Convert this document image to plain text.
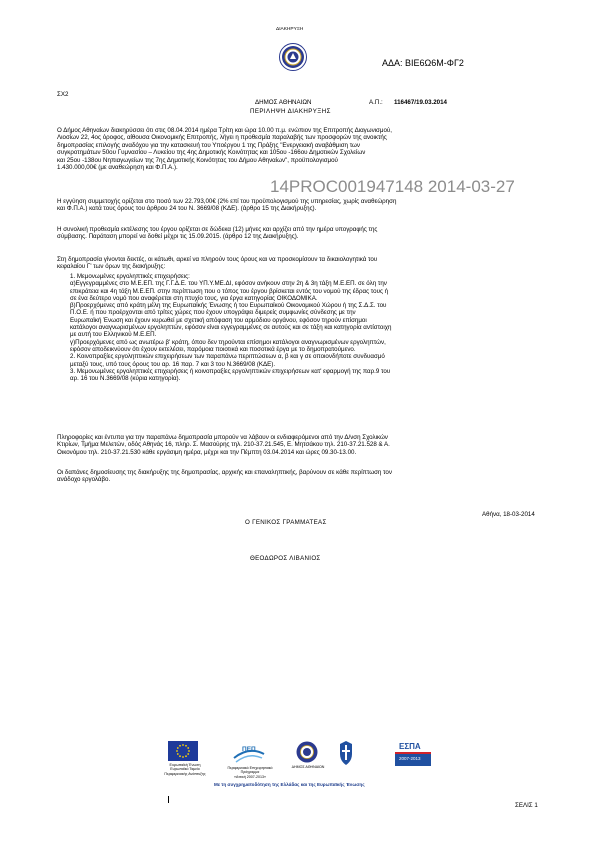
ΔΙΑΚΗΡΥΞΗ
ΑΔΑ: ΒΙΕ6Ω6Μ-ΦΓ2
ΣΧ2
ΔΗΜΟΣ ΑΘΗΝΑΙΩΝ	Α.Π.: 116467/19.03.2014
ΠΕΡΙΛΗΨΗ ΔΙΑΚΗΡΥΞΗΣ
Ο Δήμος Αθηναίων διακηρύσσει ότι στις 08.04.2014 ημέρα Τρίτη και ώρα 10.00 π.μ. ενώπιον της Επιτροπής Διαγωνισμού,
Λιοσίων 22, 4ος όροφος, αίθουσα Οικονομικής Επιτροπής, λήγει η προθεσμία παραλαβής των προσφορών της ανοικτής
δημοπρασίας επιλογής αναδόχου για την κατασκευή του Υποέργου 1 της Πράξης "Ενεργειακή αναβάθμιση των
συγκροτημάτων 50ου Γυμνασίου – Λυκείου της 4ης Δημοτικής Κοινότητας και 105ου -166ου Δημοτικών Σχολείων
και 25ου -138ου Νηπιαγωγείων της 7ης Δημοτικής Κοινότητας του Δήμου Αθηναίων", προϋπολογισμού
1.430.000,00€ (με αναθεώρηση και Φ.Π.Α.).
14PROC001947148 2014-03-27
Η εγγύηση συμμετοχής ορίζεται στο ποσό των 22.793,00€ (2% επί του προϋπολογισμού της υπηρεσίας, χωρίς αναθεώρηση
και Φ.Π.Α.) κατά τους όρους του άρθρου 24 του Ν. 3669/08 (ΚΔΕ). (άρθρο 15 της Διακήρυξης).
Η συνολική προθεσμία εκτέλεσης του έργου ορίζεται σε δώδεκα (12) μήνες και αρχίζει από την ημέρα υπογραφής της
σύμβασης. Παράταση μπορεί να δοθεί μέχρι τις 15.09.2015. (άρθρο 12 της Διακήρυξης).
Στη δημοπρασία γίνονται δεκτές, οι κάτωθι, αρκεί να πληρούν τους όρους και να προσκομίσουν τα δικαιολογητικά του
κεφαλαίου Γ' των όρων της διακήρυξης:
1. Μεμονωμένες εργοληπτικές επιχειρήσεις:
α)Εγγεγραμμένες στο Μ.Ε.ΕΠ. της Γ.Γ.Δ.Ε. του ΥΠ.Υ.ΜΕ.ΔΙ, εφόσον ανήκουν στην 2η & 3η τάξη Μ.Ε.ΕΠ. σε όλη την
επικράτεια και 4η τάξη Μ.Ε.ΕΠ. στην περίπτωση που ο τόπος του έργου βρίσκεται εντός του νομού της έδρας τους ή
σε ένα δεύτερο νομό που αναφέρεται στη πτυχίο τους, για έργα κατηγορίας ΟΙΚΟΔΟΜΙΚΑ.
β)Προερχόμενες από κράτη μέλη της Ευρωπαϊκής Ένωσης ή του Ευρωπαϊκού Οικονομικού Χώρου ή της Σ.Δ.Σ. του
Π.Ο.Ε. ή που προέρχονται από τρίτες χώρες που έχουν υπογράψει διμερείς συμφωνίες σύνδεσης με την
Ευρωπαϊκή Ένωση και έχουν κυρωθεί με σχετική απόφαση του αρμόδιου οργάνου, εφόσον τηρούν επίσημοι
κατάλογοι αναγνωρισμένων εργοληπτών, εφόσον είναι εγγεγραμμένες σε αυτούς και σε τάξη και κατηγορία αντίστοιχη
με αυτή του Ελληνικού Μ.Ε.ΕΠ.
γ)Προερχόμενες από ως ανωτέρω β' κράτη, όπου δεν τηρούνται επίσημοι κατάλογοι αναγνωρισμένων εργοληπτών,
εφόσον αποδεικνύουν ότι έχουν εκτελέσει, παρόμοια ποιοτικά και ποσοτικά έργα με το δημοπρατούμενο.
2. Κοινοπραξίες εργοληπτικών επιχειρήσεων των παραπάνω περιπτώσεων α, β και γ σε οποιονδήποτε συνδυασμό
μεταξύ τους, υπό τους όρους του αρ. 16 παρ. 7 και 3 του Ν.3669/08 (ΚΔΕ).
3. Μεμονωμένες εργοληπτικές επιχειρήσεις ή κοινοπραξίες εργοληπτικών επιχειρήσεων κατ' εφαρμογή της παρ.9 του
αρ. 16 του Ν.3669/08 (κύρια κατηγορία).
Πληροφορίες και έντυπα για την παραπάνω δημοπρασία μπορούν να λάβουν οι ενδιαφερόμενοι από την Δ/νση Σχολικών
Κτιρίων, Τμήμα Μελετών, οδός Αθηνάς 16, πληρ. Σ. Μασούρης τηλ. 210-37.21.545, Ε. Μητσάκου τηλ. 210-37.21.528 & Α.
Οικονόμου τηλ. 210-37.21.530 κάθε εργάσιμη ημέρα, μέχρι και την Πέμπτη 03.04.2014 και ώρες 09.30-13.00.
Οι δαπάνες δημοσίευσης της διακήρυξης της δημοπρασίας, αρχικής και επαναληπτικής, βαρύνουν σε κάθε περίπτωση τον
ανάδοχο εργολάβο.
Αθήνα, 18-03-2014
Ο ΓΕΝΙΚΟΣ ΓΡΑΜΜΑΤΕΑΣ
ΘΕΟΔΩΡΟΣ ΛΙΒΑΝΙΟΣ
Ευρωπαϊκή Ένωση
Ευρωπαϊκό Ταμείο
Περιφερειακής Ανάπτυξης
ΠΕΠ
Περιφερειακό Επιχειρησιακό Πρόγραμμα
«Αττική 2007-2013»
ΔΗΜΟΣ ΑΘΗΝΑΙΩΝ
ΕΣΠΑ
2007-2013
Με τη συγχρηματοδότηση της Ελλάδας και της Ευρωπαϊκής Ένωσης
ΣΕΛΙΣ 1
